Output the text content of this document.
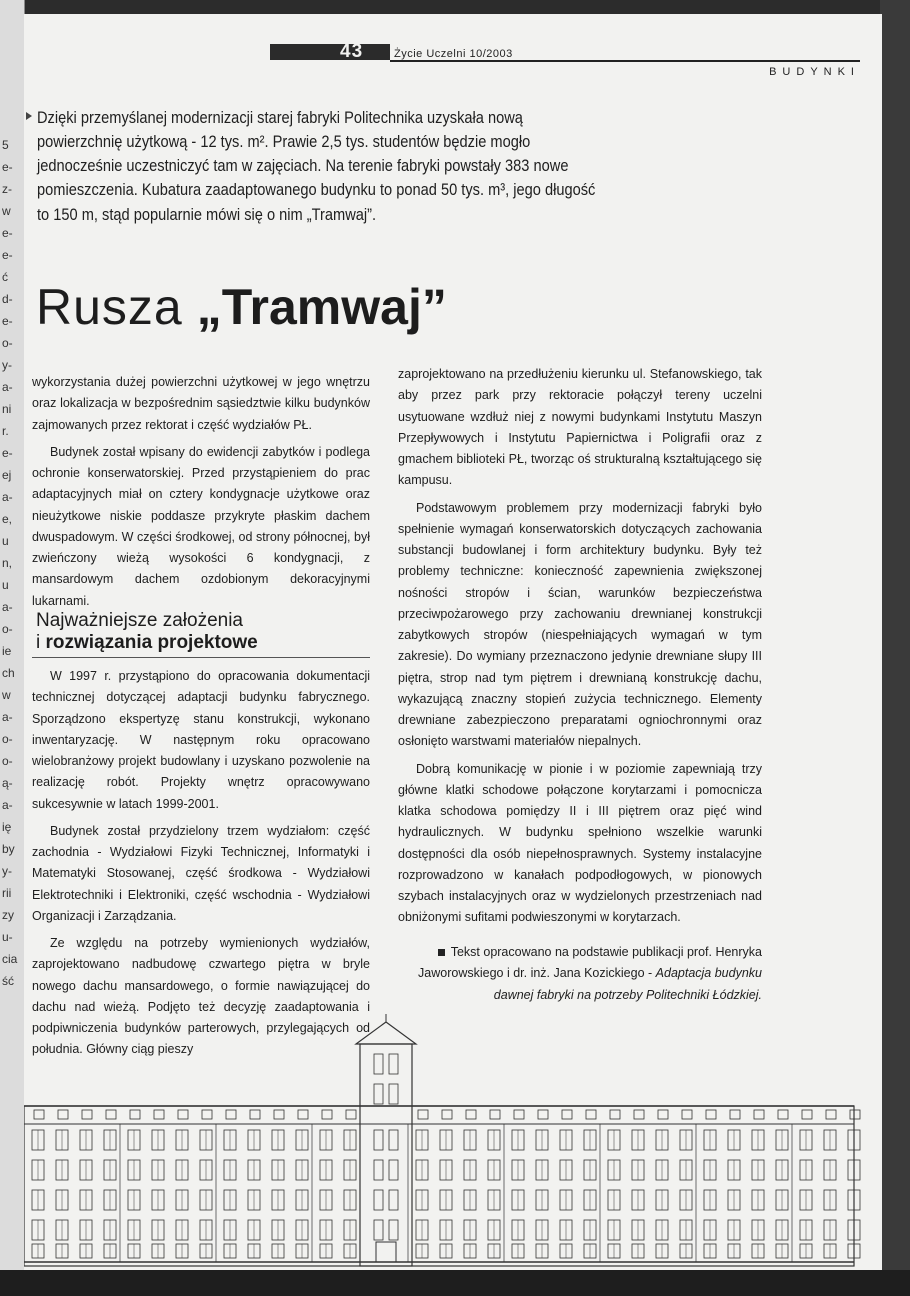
5
e-
z-
w
e-
e-
ć
d-
e-
o-
y-
a-
ni
r.
e-
ej
a-
e,
u
n,
u
a-
o-
ie
ch
w
a-
o-
o-
ą-
a-
ię
by
y-
rii
zy
u-
cia
ść
43	Życie Uczelni 10/2003
BUDYNKI
Dzięki przemyślanej modernizacji starej fabryki Politechnika uzyskała nową powierzchnię użytkową - 12 tys. m². Prawie 2,5 tys. studentów będzie mogło jednocześnie uczestniczyć tam w zajęciach. Na terenie fabryki powstały 383 nowe pomieszczenia. Kubatura zaadaptowanego budynku to ponad 50 tys. m³, jego długość to 150 m, stąd popularnie mówi się o nim „Tramwaj”.
Rusza „Tramwaj”

wykorzystania dużej powierzchni użytkowej w jego wnętrzu oraz lokalizacja w bezpośrednim sąsiedztwie kilku budynków zajmowanych przez rektorat i część wydziałów PŁ.

Budynek został wpisany do ewidencji zabytków i podlega ochronie konserwatorskiej. Przed przystąpieniem do prac adaptacyjnych miał on cztery kondygnacje użytkowe oraz nieużytkowe niskie poddasze przykryte płaskim dachem dwuspadowym. W części środkowej, od strony północnej, był zwieńczony wieżą wysokości 6 kondygnacji, z mansardowym dachem ozdobionym dekoracyjnymi lukarnami.

Najważniejsze założenia
i rozwiązania projektowe

W 1997 r. przystąpiono do opracowania dokumentacji technicznej dotyczącej adaptacji budynku fabrycznego. Sporządzono ekspertyzę stanu konstrukcji, wykonano inwentaryzację. W następnym roku opracowano wielobranżowy projekt budowlany i uzyskano pozwolenie na realizację robót. Projekty wnętrz opracowywano sukcesywnie w latach 1999-2001.

Budynek został przydzielony trzem wydziałom: część zachodnia - Wydziałowi Fizyki Technicznej, Informatyki i Matematyki Stosowanej, część środkowa - Wydziałowi Elektrotechniki i Elektroniki, część wschodnia - Wydziałowi Organizacji i Zarządzania.

Ze względu na potrzeby wymienionych wydziałów, zaprojektowano nadbudowę czwartego piętra w bryle nowego dachu mansardowego, o formie nawiązującej do dachu nad wieżą. Podjęto też decyzję zaadaptowania i podpiwniczenia budynków parterowych, przylegających od południa. Główny ciąg pieszy

zaprojektowano na przedłużeniu kierunku ul. Stefanowskiego, tak aby przez park przy rektoracie połączył tereny uczelni usytuowane wzdłuż niej z nowymi budynkami Instytutu Maszyn Przepływowych i Instytutu Papiernictwa i Poligrafii oraz z gmachem biblioteki PŁ, tworząc oś strukturalną kształtującego się kampusu.

Podstawowym problemem przy modernizacji fabryki było spełnienie wymagań konserwatorskich dotyczących zachowania substancji budowlanej i form architektury budynku. Były też problemy techniczne: konieczność zapewnienia zwiększonej nośności stropów i ścian, warunków bezpieczeństwa przeciwpożarowego przy zachowaniu drewnianej konstrukcji zabytkowych stropów (niespełniających wymagań w tym zakresie). Do wymiany przeznaczono jedynie drewniane słupy III piętra, strop nad tym piętrem i drewnianą konstrukcję dachu, wykazującą znaczny stopień zużycia technicznego. Elementy drewniane zabezpieczono preparatami ogniochronnymi oraz osłonięto warstwami materiałów niepalnych.

Dobrą komunikację w pionie i w poziomie zapewniają trzy główne klatki schodowe połączone korytarzami i pomocnicza klatka schodowa pomiędzy II i III piętrem oraz pięć wind hydraulicznych. W budynku spełniono wszelkie warunki dostępności dla osób niepełnosprawnych. Systemy instalacyjne rozprowadzono w kanałach podpodłogowych, w pionowych szybach instalacyjnych oraz w wydzielonych przestrzeniach nad obniżonymi sufitami podwieszonymi w korytarzach.

Tekst opracowano na podstawie publikacji prof. Henryka Jaworowskiego i dr. inż. Jana Kozickiego - Adaptacja budynku dawnej fabryki na potrzeby Politechniki Łódzkiej.
